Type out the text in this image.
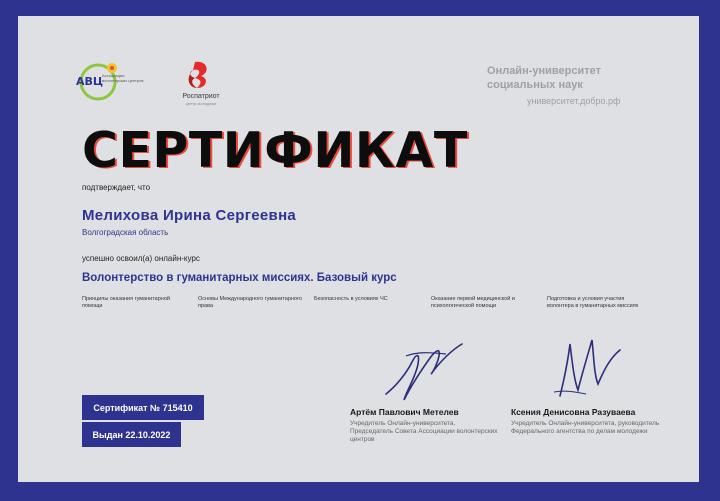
АВЦ
Ассоциация волонтерских центров
Роспатриот
центр молодежи
Онлайн-университет социальных наук
университет.добро.рф
СЕРТИФИКАТ
подтверждает, что
Мелихова Ирина Сергеевна
Волгоградская область
успешно освоил(а) онлайн-курс
Волонтерство в гуманитарных миссиях. Базовый курс
Принципы оказания гуманитарной помощи
Основы Международного гуманитарного права
Безопасность в условиях ЧС	Оказание первой медицинской и психологической помощи
Подготовка и условия участия волонтера в гуманитарных миссиях
Сертификат № 715410
Выдан 22.10.2022
Артём Павлович Метелев
Учредитель Онлайн-университета, Председатель Совета Ассоциации волонтерских центров
Ксения Денисовна Разуваева
Учредитель Онлайн-университета, руководитель Федерального агентства по делам молодежи
